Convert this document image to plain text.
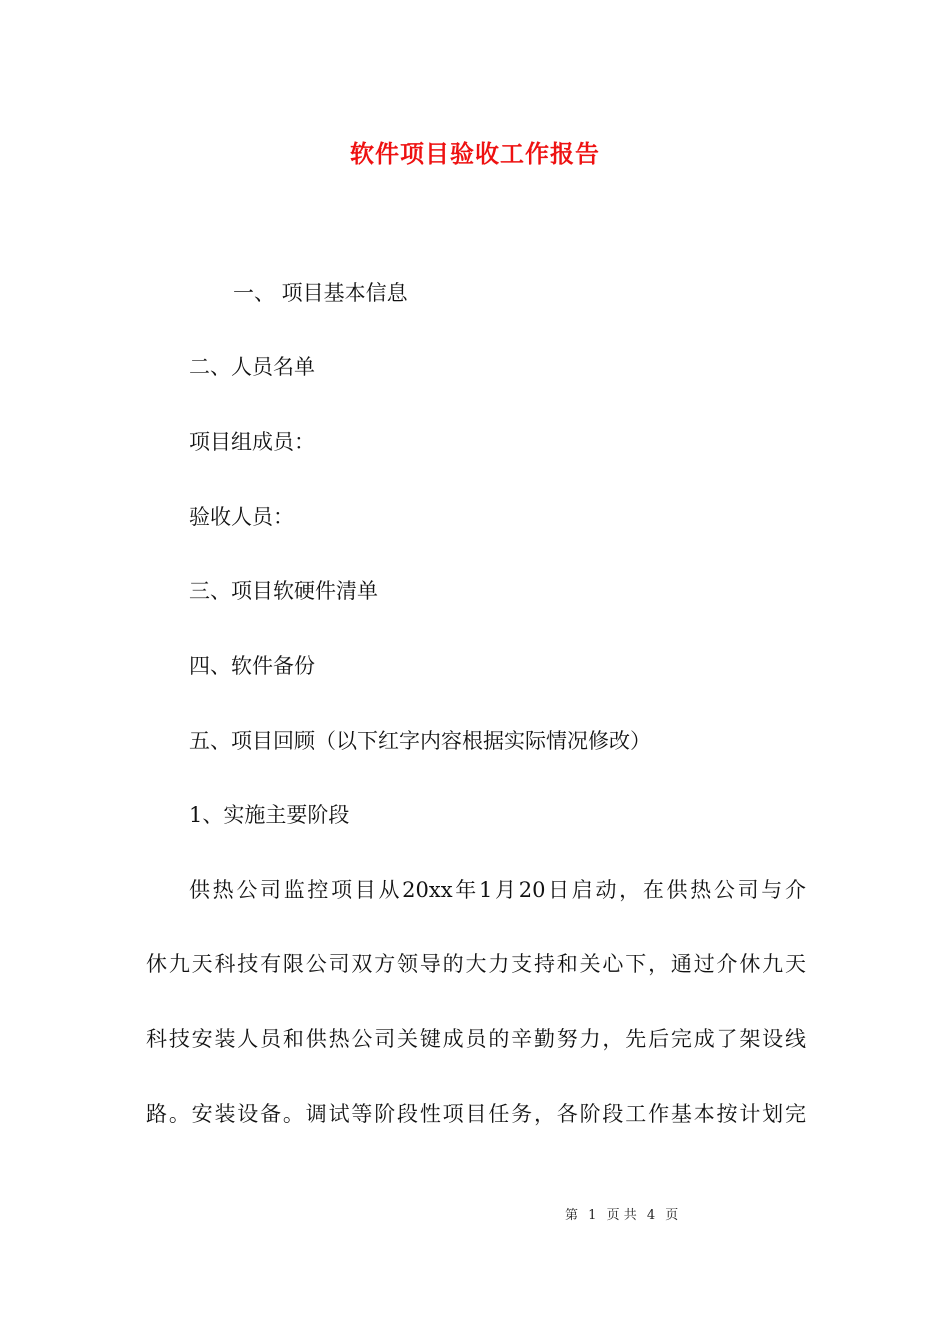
软件项目验收工作报告
一、 项目基本信息
二、人员名单
项目组成员：
验收人员：
三、项目软硬件清单
四、软件备份
五、项目回顾（以下红字内容根据实际情况修改）
1、实施主要阶段
供热公司监控项目从20xx年1月20日启动，在供热公司与介
休九天科技有限公司双方领导的大力支持和关心下，通过介休九天
科技安装人员和供热公司关键成员的辛勤努力，先后完成了架设线
路。安装设备。调试等阶段性项目任务，各阶段工作基本按计划完
第 1 页 共 4 页
